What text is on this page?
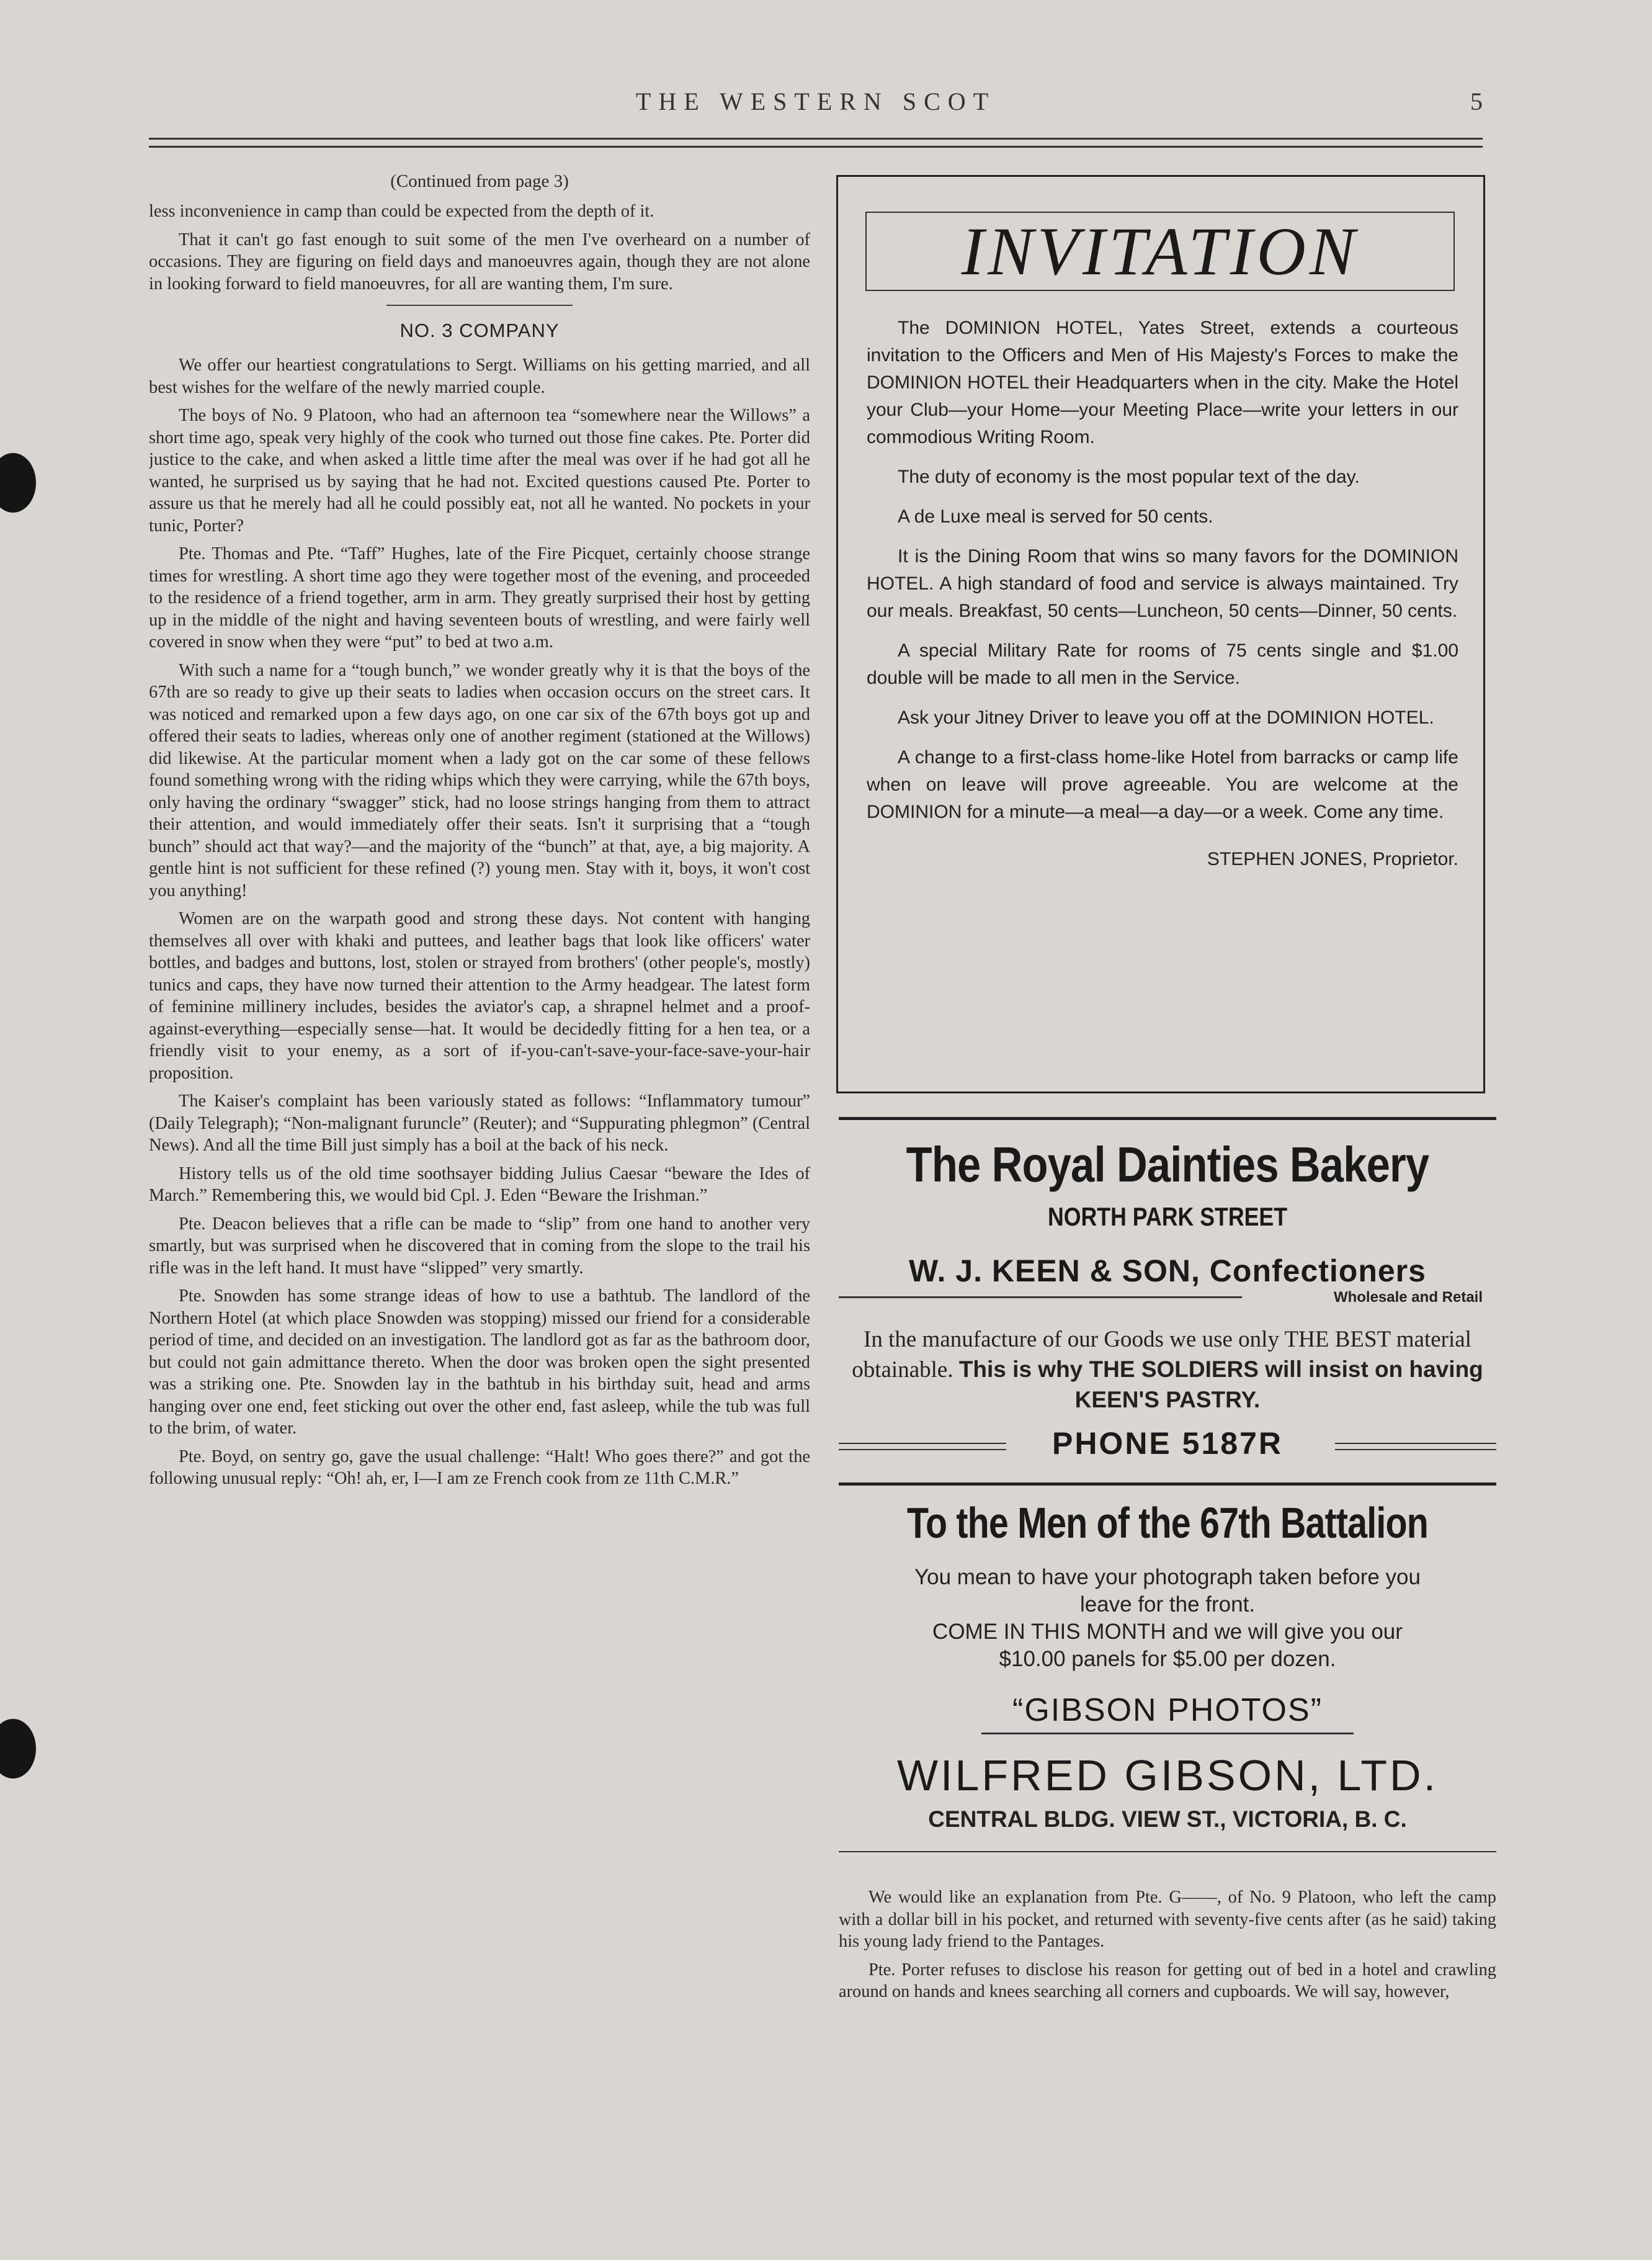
THE WESTERN SCOT	5
(Continued from page 3)

less inconvenience in camp than could be expected from the depth of it.

That it can't go fast enough to suit some of the men I've overheard on a number of occasions. They are figuring on field days and manoeuvres again, though they are not alone in looking forward to field manoeuvres, for all are wanting them, I'm sure.

NO. 3 COMPANY

We offer our heartiest congratulations to Sergt. Williams on his getting married, and all best wishes for the welfare of the newly married couple.

The boys of No. 9 Platoon, who had an afternoon tea “somewhere near the Willows” a short time ago, speak very highly of the cook who turned out those fine cakes. Pte. Porter did justice to the cake, and when asked a little time after the meal was over if he had got all he wanted, he surprised us by saying that he had not. Excited questions caused Pte. Porter to assure us that he merely had all he could possibly eat, not all he wanted. No pockets in your tunic, Porter?

Pte. Thomas and Pte. “Taff” Hughes, late of the Fire Picquet, certainly choose strange times for wrestling. A short time ago they were together most of the evening, and proceeded to the residence of a friend together, arm in arm. They greatly surprised their host by getting up in the middle of the night and having seventeen bouts of wrestling, and were fairly well covered in snow when they were “put” to bed at two a.m.

With such a name for a “tough bunch,” we wonder greatly why it is that the boys of the 67th are so ready to give up their seats to ladies when occasion occurs on the street cars. It was noticed and remarked upon a few days ago, on one car six of the 67th boys got up and offered their seats to ladies, whereas only one of another regiment (stationed at the Willows) did likewise. At the particular moment when a lady got on the car some of these fellows found something wrong with the riding whips which they were carrying, while the 67th boys, only having the ordinary “swagger” stick, had no loose strings hanging from them to attract their attention, and would immediately offer their seats. Isn't it surprising that a “tough bunch” should act that way?—and the majority of the “bunch” at that, aye, a big majority. A gentle hint is not sufficient for these refined (?) young men. Stay with it, boys, it won't cost you anything!

Women are on the warpath good and strong these days. Not content with hanging themselves all over with khaki and puttees, and leather bags that look like officers' water bottles, and badges and buttons, lost, stolen or strayed from brothers' (other people's, mostly) tunics and caps, they have now turned their attention to the Army headgear. The latest form of feminine millinery includes, besides the aviator's cap, a shrapnel helmet and a proof-against-everything—especially sense—hat. It would be decidedly fitting for a hen tea, or a friendly visit to your enemy, as a sort of if-you-can't-save-your-face-save-your-hair proposition.

The Kaiser's complaint has been variously stated as follows: “Inflammatory tumour” (Daily Telegraph); “Non-malignant furuncle” (Reuter); and “Suppurating phlegmon” (Central News). And all the time Bill just simply has a boil at the back of his neck.

History tells us of the old time soothsayer bidding Julius Caesar “beware the Ides of March.” Remembering this, we would bid Cpl. J. Eden “Beware the Irishman.”

Pte. Deacon believes that a rifle can be made to “slip” from one hand to another very smartly, but was surprised when he discovered that in coming from the slope to the trail his rifle was in the left hand. It must have “slipped” very smartly.

Pte. Snowden has some strange ideas of how to use a bathtub. The landlord of the Northern Hotel (at which place Snowden was stopping) missed our friend for a considerable period of time, and decided on an investigation. The landlord got as far as the bathroom door, but could not gain admittance thereto. When the door was broken open the sight presented was a striking one. Pte. Snowden lay in the bathtub in his birthday suit, head and arms hanging over one end, feet sticking out over the other end, fast asleep, while the tub was full to the brim, of water.

Pte. Boyd, on sentry go, gave the usual challenge: “Halt! Who goes there?” and got the following unusual reply: “Oh! ah, er, I—I am ze French cook from ze 11th C.M.R.”

INVITATION

The DOMINION HOTEL, Yates Street, extends a courteous invitation to the Officers and Men of His Majesty's Forces to make the DOMINION HOTEL their Headquarters when in the city. Make the Hotel your Club—your Home—your Meeting Place—write your letters in our commodious Writing Room.

The duty of economy is the most popular text of the day.

A de Luxe meal is served for 50 cents.

It is the Dining Room that wins so many favors for the DOMINION HOTEL. A high standard of food and service is always maintained. Try our meals. Breakfast, 50 cents—Luncheon, 50 cents—Dinner, 50 cents.

A special Military Rate for rooms of 75 cents single and $1.00 double will be made to all men in the Service.

Ask your Jitney Driver to leave you off at the DOMINION HOTEL.

A change to a first-class home-like Hotel from barracks or camp life when on leave will prove agreeable. You are welcome at the DOMINION for a minute—a meal—a day—or a week. Come any time.

STEPHEN JONES, Proprietor.

The Royal Dainties Bakery
NORTH PARK STREET
W. J. KEEN & SON, Confectioners
Wholesale and Retail
In the manufacture of our Goods we use only THE BEST material obtainable. This is why THE SOLDIERS will insist on having KEEN'S PASTRY.
PHONE 5187R
To the Men of the 67th Battalion
You mean to have your photograph taken before you leave for the front.
COME IN THIS MONTH and we will give you our $10.00 panels for $5.00 per dozen.
“GIBSON PHOTOS”
WILFRED GIBSON, LTD.
CENTRAL BLDG. VIEW ST., VICTORIA, B. C.

We would like an explanation from Pte. G——, of No. 9 Platoon, who left the camp with a dollar bill in his pocket, and returned with seventy-five cents after (as he said) taking his young lady friend to the Pantages.

Pte. Porter refuses to disclose his reason for getting out of bed in a hotel and crawling around on hands and knees searching all corners and cupboards. We will say, however,
